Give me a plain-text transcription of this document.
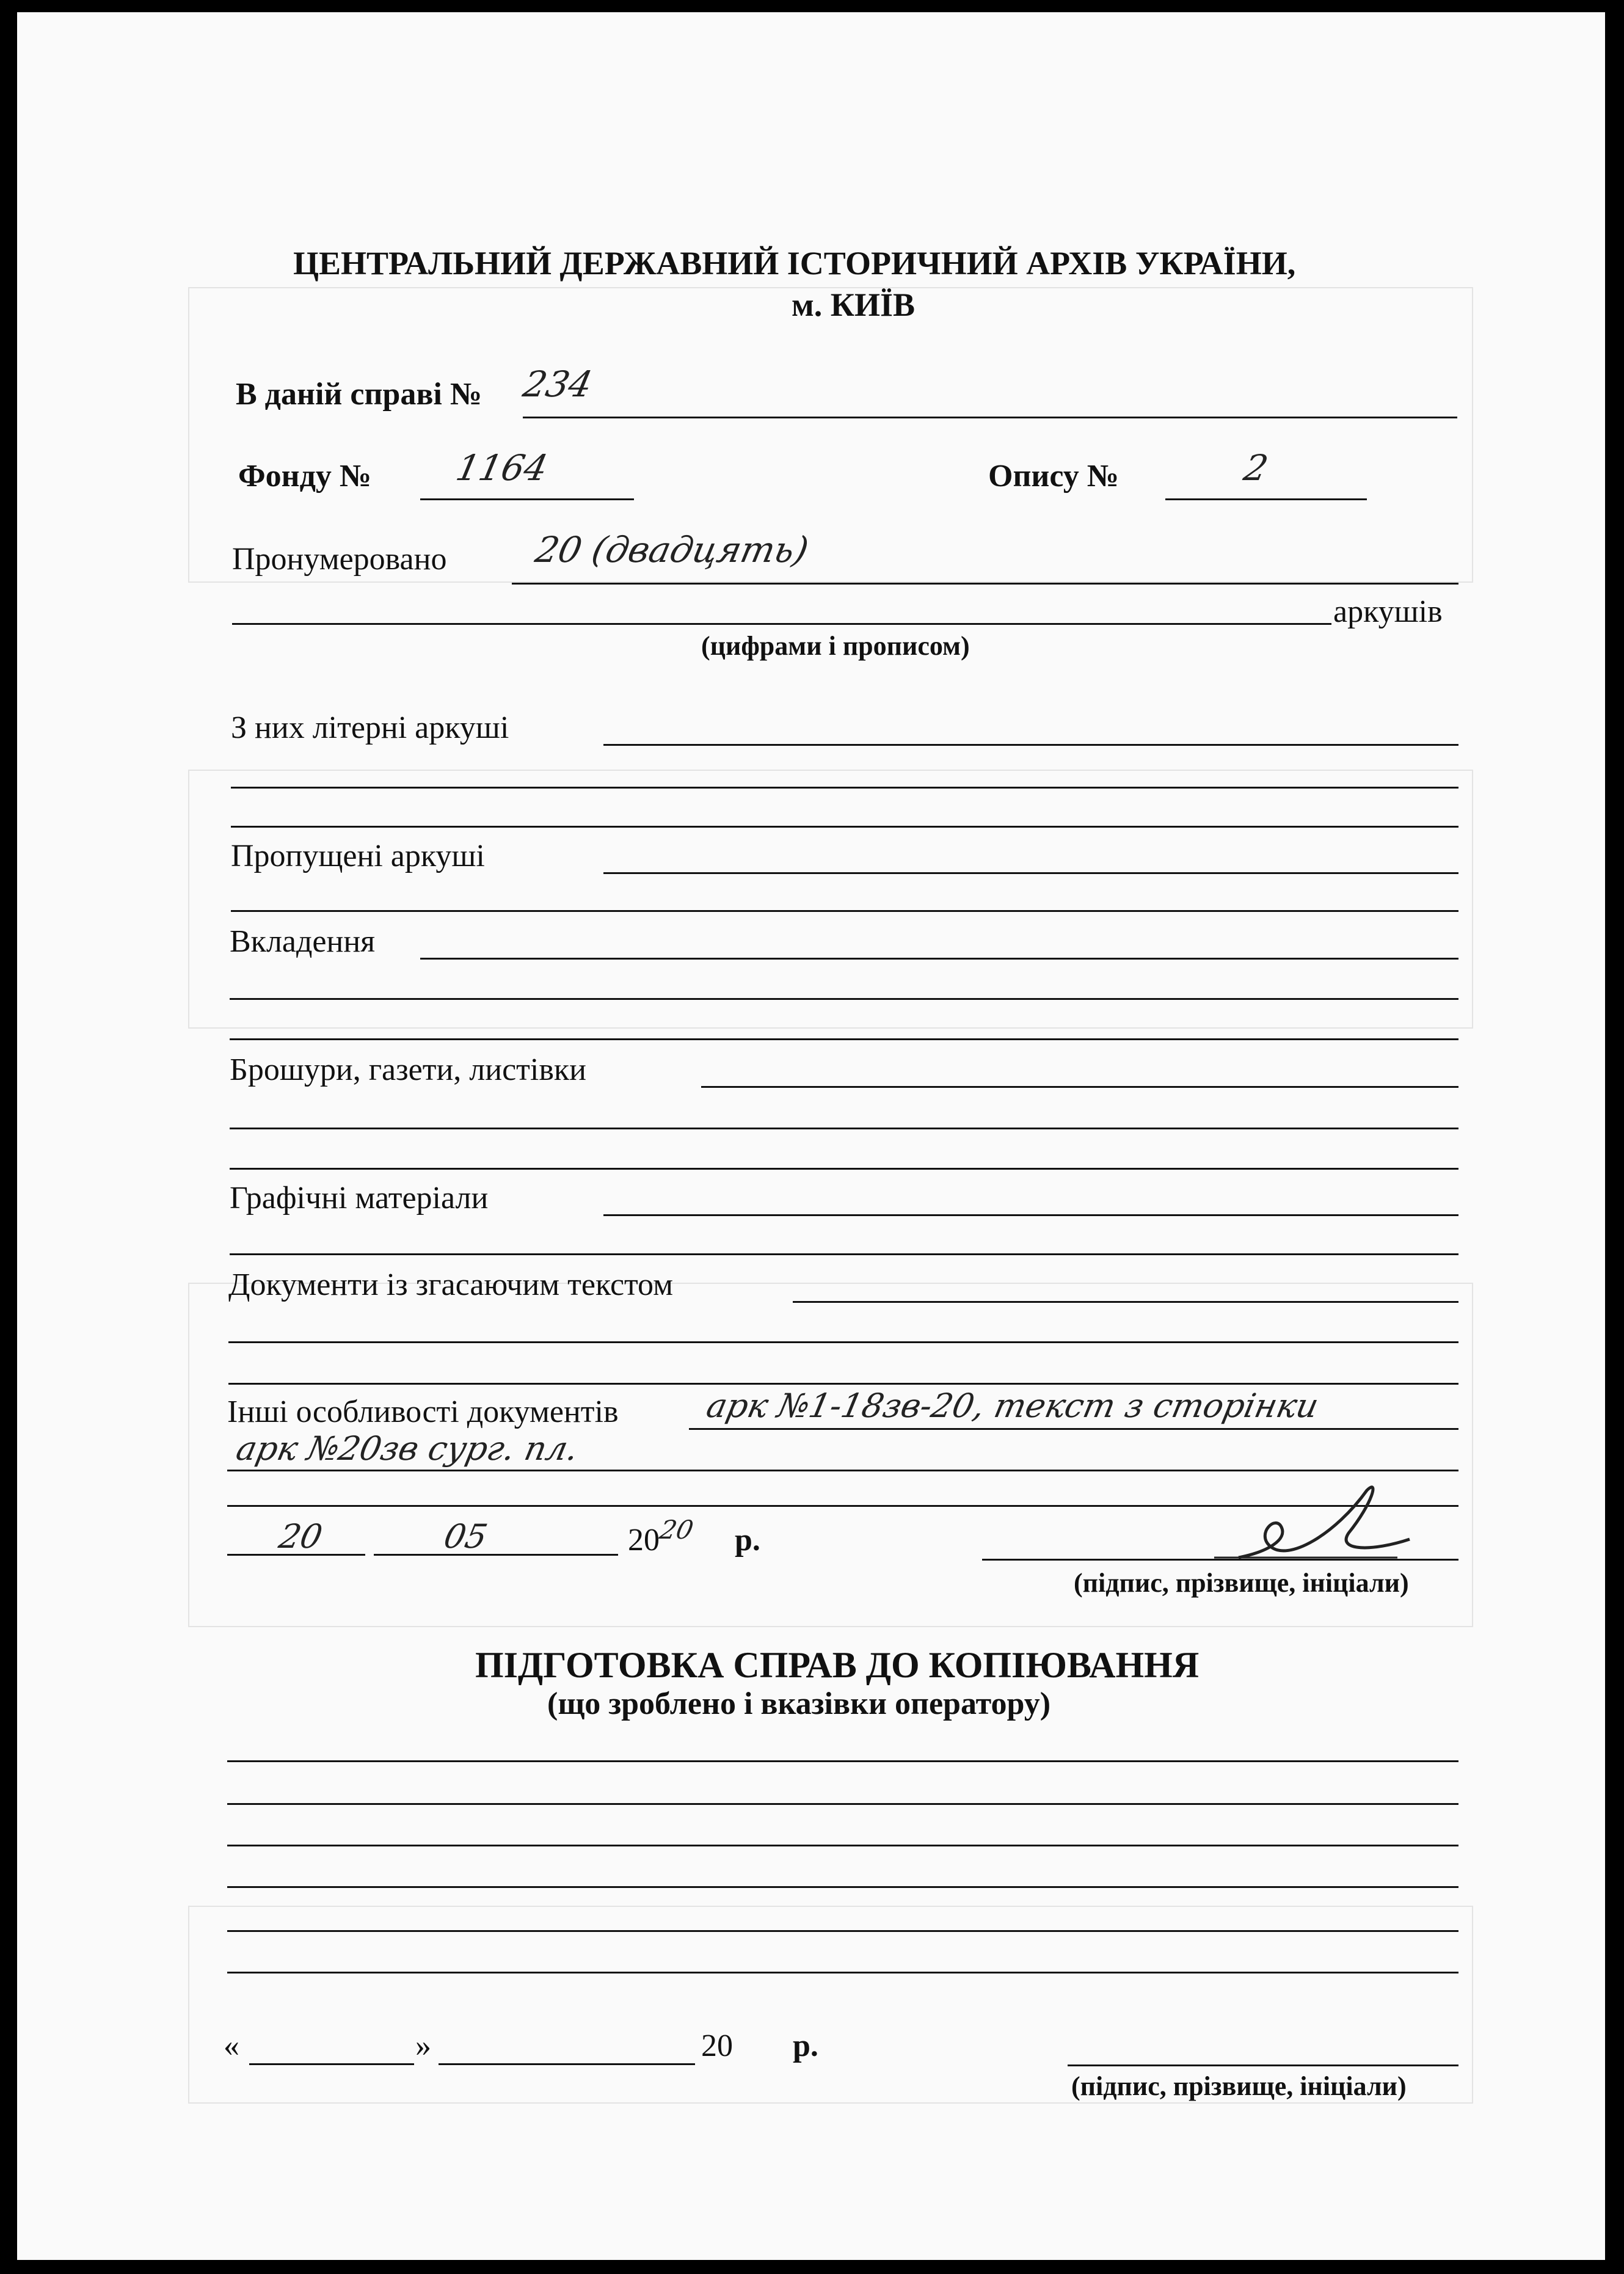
ЦЕНТРАЛЬНИЙ ДЕРЖАВНИЙ ІСТОРИЧНИЙ АРХІВ УКРАЇНИ,
м. КИЇВ
В даній справі № 234
Фонду № 1164	Опису №	2
Пронумеровано 20 (двадцять)
аркушів
(цифрами і прописом)
З них літерні аркуші
Пропущені аркуші
Вкладення
Брошури, газети, листівки
Графічні матеріали
Документи із згасаючим текстом
Інші особливості документів	арк №1-18зв-20, текст з сторінки
арк №20зв сург. пл.
20	05	20
20 р.
(підпис, прізвище, ініціали)
ПІДГОТОВКА СПРАВ ДО КОПІЮВАННЯ
(що зроблено і вказівки оператору)
«	»	20 р.
(підпис, прізвище, ініціали)
